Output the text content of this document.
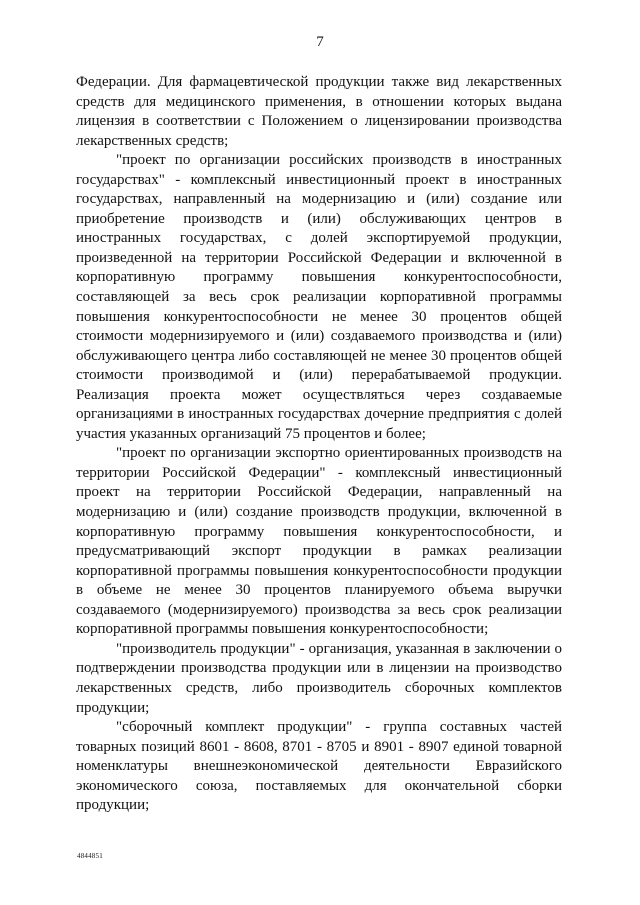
7

Федерации. Для фармацевтической продукции также вид лекарственных средств для медицинского применения, в отношении которых выдана лицензия в соответствии с Положением о лицензировании производства лекарственных средств;

"проект по организации российских производств в иностранных государствах" - комплексный инвестиционный проект в иностранных государствах, направленный на модернизацию и (или) создание или приобретение производств и (или) обслуживающих центров в иностранных государствах, с долей экспортируемой продукции, произведенной на территории Российской Федерации и включенной в корпоративную программу повышения конкурентоспособности, составляющей за весь срок реализации корпоративной программы повышения конкурентоспособности не менее 30 процентов общей стоимости модернизируемого и (или) создаваемого производства и (или) обслуживающего центра либо составляющей не менее 30 процентов общей стоимости производимой и (или) перерабатываемой продукции. Реализация проекта может осуществляться через создаваемые организациями в иностранных государствах дочерние предприятия с долей участия указанных организаций 75 процентов и более;

"проект по организации экспортно ориентированных производств на территории Российской Федерации" - комплексный инвестиционный проект на территории Российской Федерации, направленный на модернизацию и (или) создание производств продукции, включенной в корпоративную программу повышения конкурентоспособности, и предусматривающий экспорт продукции в рамках реализации корпоративной программы повышения конкурентоспособности продукции в объеме не менее 30 процентов планируемого объема выручки создаваемого (модернизируемого) производства за весь срок реализации корпоративной программы повышения конкурентоспособности;

"производитель продукции" - организация, указанная в заключении о подтверждении производства продукции или в лицензии на производство лекарственных средств, либо производитель сборочных комплектов продукции;

"сборочный комплект продукции" - группа составных частей товарных позиций 8601 - 8608, 8701 - 8705 и 8901 - 8907 единой товарной номенклатуры внешнеэкономической деятельности Евразийского экономического союза, поставляемых для окончательной сборки продукции;

4844851
